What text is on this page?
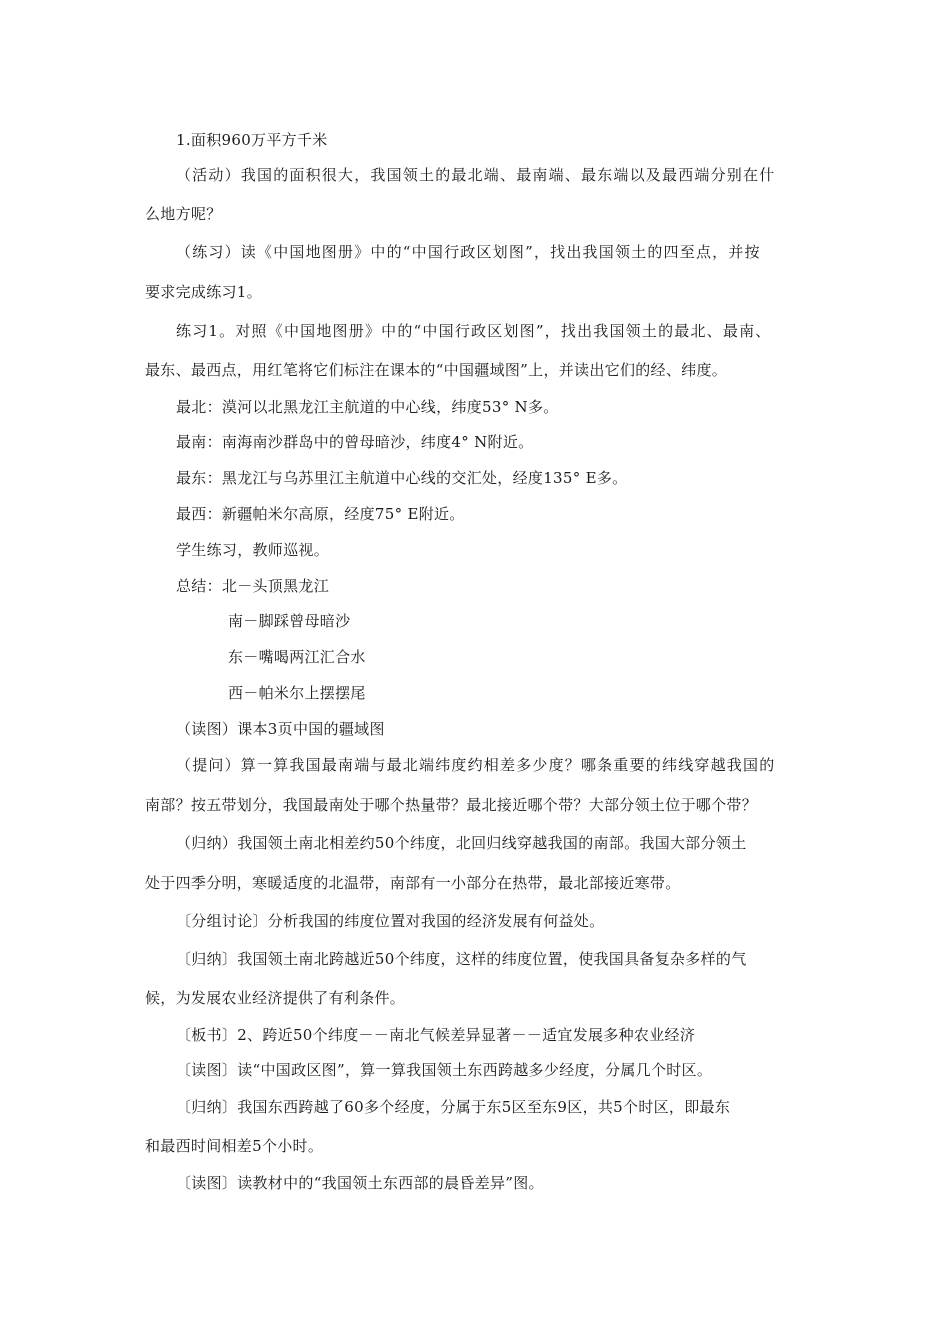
1.面积960万平方千米
（活动）我国的面积很大，我国领土的最北端、最南端、最东端以及最西端分别在什
么地方呢？
（练习）读《中国地图册》中的“中国行政区划图”，找出我国领土的四至点，并按
要求完成练习1。
练习1。对照《中国地图册》中的“中国行政区划图”，找出我国领土的最北、最南、
最东、最西点，用红笔将它们标注在课本的“中国疆域图”上，并读出它们的经、纬度。
最北：漠河以北黑龙江主航道的中心线，纬度53° N多。
最南：南海南沙群岛中的曾母暗沙，纬度4° N附近。
最东：黑龙江与乌苏里江主航道中心线的交汇处，经度135° E多。
最西：新疆帕米尔高原，经度75° E附近。
学生练习，教师巡视。
总结：北－头顶黑龙江
南－脚踩曾母暗沙
东－嘴喝两江汇合水
西－帕米尔上摆摆尾
（读图）课本3页中国的疆域图
（提问）算一算我国最南端与最北端纬度约相差多少度？哪条重要的纬线穿越我国的
南部？按五带划分，我国最南处于哪个热量带？最北接近哪个带？大部分领土位于哪个带？
（归纳）我国领土南北相差约50个纬度，北回归线穿越我国的南部。我国大部分领土
处于四季分明，寒暖适度的北温带，南部有一小部分在热带，最北部接近寒带。
〔分组讨论〕分析我国的纬度位置对我国的经济发展有何益处。
〔归纳〕我国领土南北跨越近50个纬度，这样的纬度位置，使我国具备复杂多样的气
候，为发展农业经济提供了有利条件。
〔板书〕2、跨近50个纬度－－南北气候差异显著－－适宜发展多种农业经济
〔读图〕读“中国政区图”，算一算我国领土东西跨越多少经度，分属几个时区。
〔归纳〕我国东西跨越了60多个经度，分属于东5区至东9区，共5个时区，即最东
和最西时间相差5个小时。
〔读图〕读教材中的“我国领土东西部的晨昏差异”图。
